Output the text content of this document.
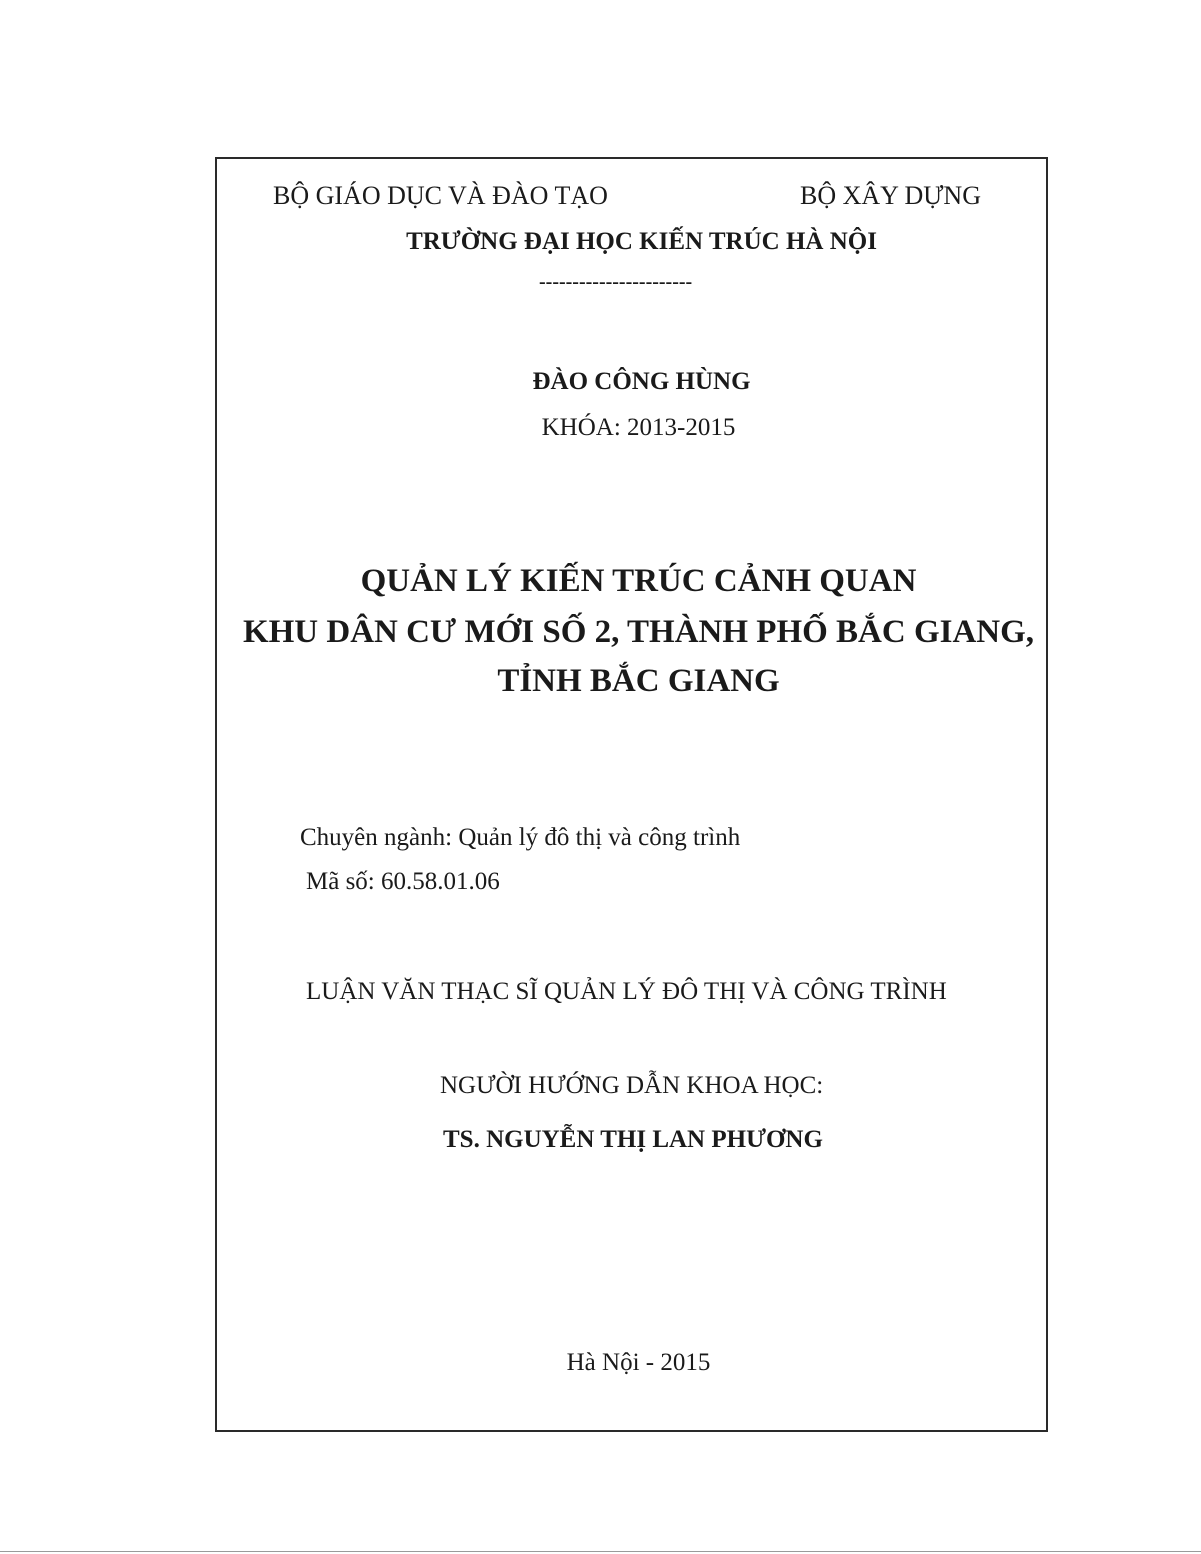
BỘ GIÁO DỤC VÀ ĐÀO TẠO	BỘ XÂY DỰNG
TRƯỜNG ĐẠI HỌC KIẾN TRÚC HÀ NỘI
-----------------------
ĐÀO CÔNG HÙNG
KHÓA: 2013-2015
QUẢN LÝ KIẾN TRÚC CẢNH QUAN
KHU DÂN CƯ MỚI SỐ 2, THÀNH PHỐ BẮC GIANG,
TỈNH BẮC GIANG
Chuyên ngành: Quản lý đô thị và công trình
Mã số: 60.58.01.06
LUẬN VĂN THẠC SĨ QUẢN LÝ ĐÔ THỊ VÀ CÔNG TRÌNH
NGƯỜI HƯỚNG DẪN KHOA HỌC:
TS. NGUYỄN THỊ LAN PHƯƠNG
Hà Nội - 2015
